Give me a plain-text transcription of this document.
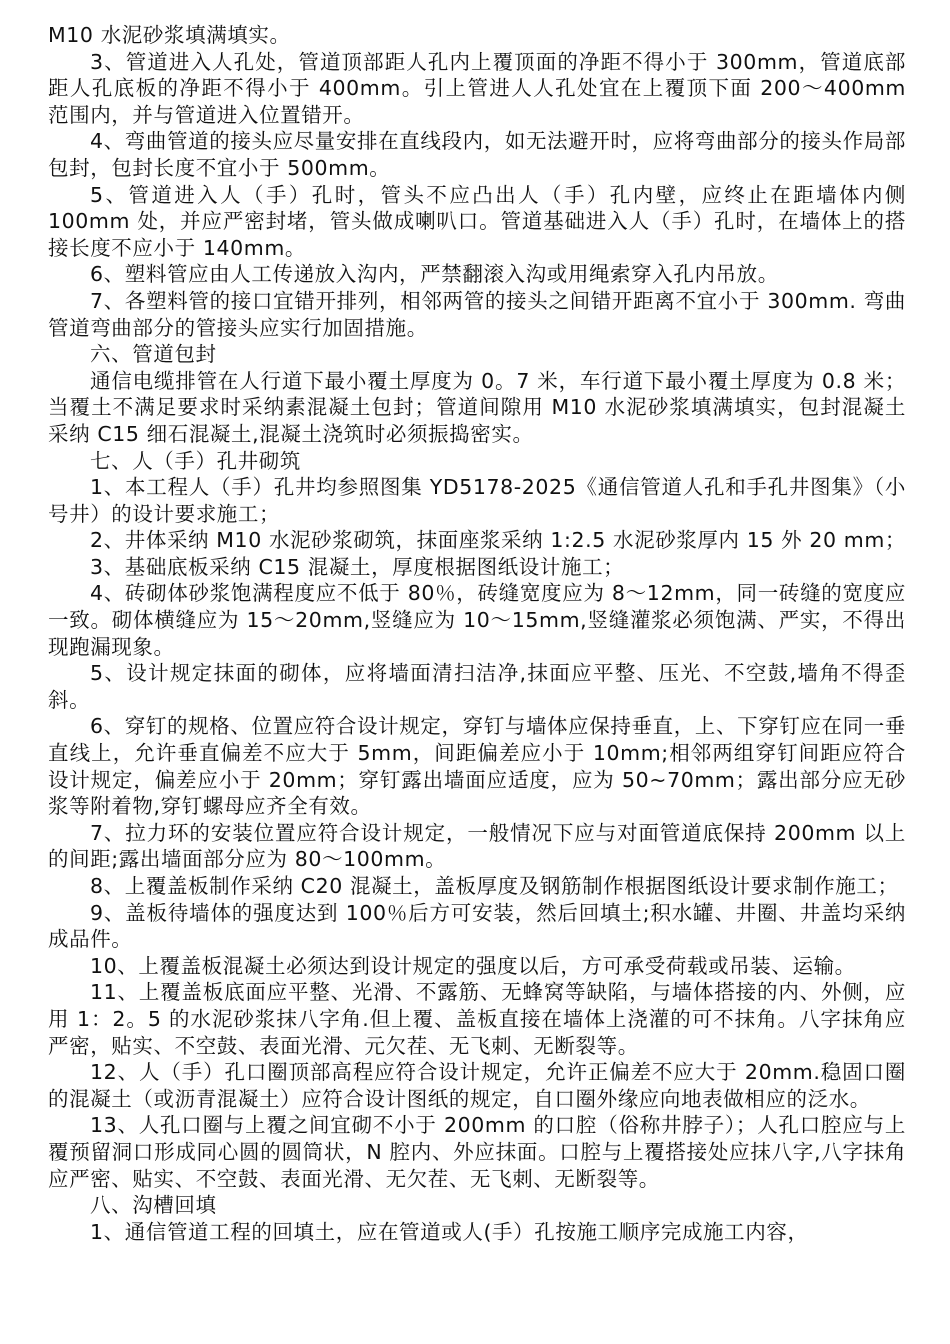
M10 水泥砂浆填满填实。

3、管道进入人孔处，管道顶部距人孔内上覆顶面的净距不得小于 300mm，管道底部距人孔底板的净距不得小于 400mm。引上管进人人孔处宜在上覆顶下面 200～400mm 范围内，并与管道进入位置错开。

4、弯曲管道的接头应尽量安排在直线段内，如无法避开时，应将弯曲部分的接头作局部包封，包封长度不宜小于 500mm。

5、管道进入人（手）孔时，管头不应凸出人（手）孔内壁，应终止在距墙体内侧 100mm 处，并应严密封堵，管头做成喇叭口。管道基础进入人（手）孔时，在墙体上的搭接长度不应小于 140mm。

6、塑料管应由人工传递放入沟内，严禁翻滚入沟或用绳索穿入孔内吊放。

7、各塑料管的接口宜错开排列，相邻两管的接头之间错开距离不宜小于 300mm. 弯曲管道弯曲部分的管接头应实行加固措施。

六、管道包封

通信电缆排管在人行道下最小覆土厚度为 0。7 米，车行道下最小覆土厚度为 0.8 米；当覆土不满足要求时采纳素混凝土包封；管道间隙用 M10 水泥砂浆填满填实，包封混凝土采纳 C15 细石混凝土,混凝土浇筑时必须振捣密实。

七、人（手）孔井砌筑

1、本工程人（手）孔井均参照图集 YD5178-2025《通信管道人孔和手孔井图集》（小号井）的设计要求施工；

2、井体采纳 M10 水泥砂浆砌筑，抹面座浆采纳 1:2.5 水泥砂浆厚内 15 外 20 mm；

3、基础底板采纳 C15 混凝土，厚度根据图纸设计施工；

4、砖砌体砂浆饱满程度应不低于 80％，砖缝宽度应为 8～12mm，同一砖缝的宽度应一致。砌体横缝应为 15～20mm,竖缝应为 10～15mm,竖缝灌浆必须饱满、严实，不得出现跑漏现象。

5、设计规定抹面的砌体，应将墙面清扫洁净,抹面应平整、压光、不空鼓,墙角不得歪斜。

6、穿钉的规格、位置应符合设计规定，穿钉与墙体应保持垂直，上、下穿钉应在同一垂直线上，允许垂直偏差不应大于 5mm，间距偏差应小于 10mm;相邻两组穿钉间距应符合设计规定，偏差应小于 20mm；穿钉露出墙面应适度，应为 50~70mm；露出部分应无砂浆等附着物,穿钉螺母应齐全有效。

7、拉力环的安装位置应符合设计规定，一般情况下应与对面管道底保持 200mm 以上的间距;露出墙面部分应为 80～100mm。

8、上覆盖板制作采纳 C20 混凝土，盖板厚度及钢筋制作根据图纸设计要求制作施工；

9、盖板待墙体的强度达到 100％后方可安装，然后回填土;积水罐、井圈、井盖均采纳成品件。

10、上覆盖板混凝土必须达到设计规定的强度以后，方可承受荷载或吊装、运输。

11、上覆盖板底面应平整、光滑、不露筋、无蜂窝等缺陷，与墙体搭接的内、外侧，应用 1：2。5 的水泥砂浆抹八字角.但上覆、盖板直接在墙体上浇灌的可不抹角。八字抹角应严密，贴实、不空鼓、表面光滑、元欠茬、无飞刺、无断裂等。

12、人（手）孔口圈顶部高程应符合设计规定，允许正偏差不应大于 20mm.稳固口圈的混凝土（或沥青混凝土）应符合设计图纸的规定，自口圈外缘应向地表做相应的泛水。

13、人孔口圈与上覆之间宜砌不小于 200mm 的口腔（俗称井脖子）；人孔口腔应与上覆预留洞口形成同心圆的圆筒状，N 腔内、外应抹面。口腔与上覆搭接处应抹八字,八字抹角应严密、贴实、不空鼓、表面光滑、无欠茬、无飞刺、无断裂等。

八、沟槽回填

1、通信管道工程的回填土，应在管道或人(手）孔按施工顺序完成施工内容，
